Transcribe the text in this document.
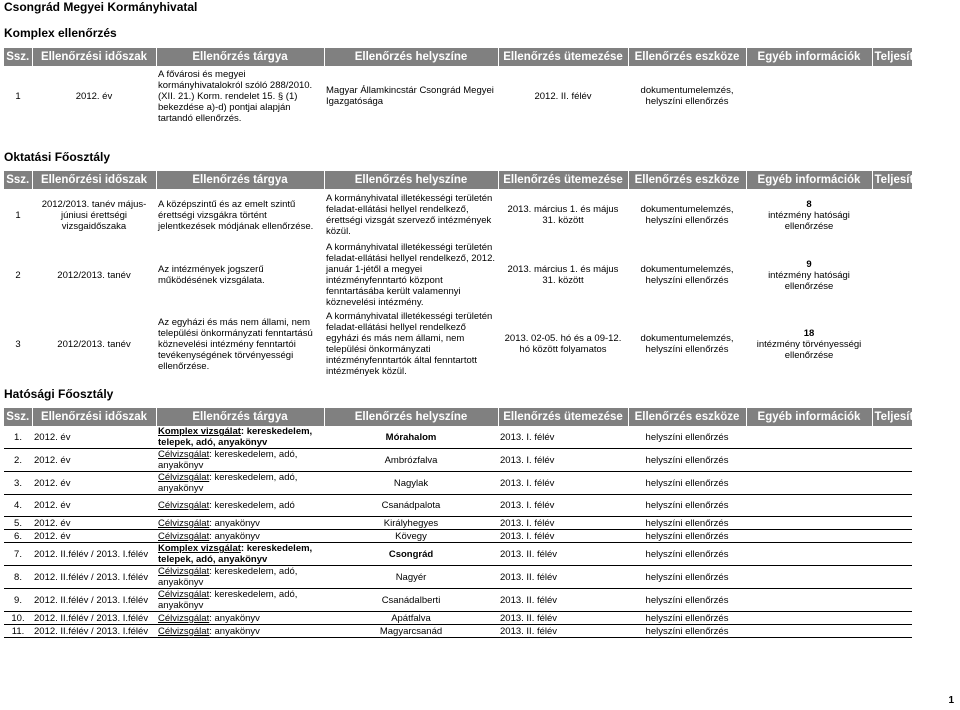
Csongrád Megyei Kormányhivatal
Komplex ellenőrzés
Ssz.	Ellenőrzési időszak	Ellenőrzés tárgya	Ellenőrzés helyszíne	Ellenőrzés ütemezése	Ellenőrzés eszköze	Egyéb információk	Teljesítés
1	2012. év	A fővárosi és megyei kormányhivatalokról szóló 288/2010. (XII. 21.) Korm. rendelet 15. § (1) bekezdése a)-d) pontjai alapján tartandó ellenőrzés.	Magyar Államkincstár Csongrád Megyei Igazgatósága	2012. II. félév	dokumentumelemzés, helyszíni ellenőrzés		
Oktatási Főosztály
Ssz.	Ellenőrzési időszak	Ellenőrzés tárgya	Ellenőrzés helyszíne	Ellenőrzés ütemezése	Ellenőrzés eszköze	Egyéb információk	Teljesítés
1	2012/2013. tanév május-júniusi érettségi vizsgaidőszaka	A középszintű és az emelt szintű érettségi vizsgákra történt jelentkezések módjának ellenőrzése.	A kormányhivatal illetékességi területén feladat-ellátási hellyel rendelkező, érettségi vizsgát szervező intézmények közül.	2013. március 1. és május 31. között	dokumentumelemzés, helyszíni ellenőrzés	8
intézmény hatósági ellenőrzése	

2	2012/2013. tanév	Az intézmények jogszerű működésének vizsgálata.	A kormányhivatal illetékességi területén feladat-ellátási hellyel rendelkező, 2012. január 1-jétől a megyei intézményfenntartó központ fenntartásába került valamennyi köznevelési intézmény.	2013. március 1. és május 31. között	dokumentumelemzés, helyszíni ellenőrzés	9
intézmény hatósági ellenőrzése	

3	2012/2013. tanév	Az egyházi és más nem állami, nem települési önkormányzati fenntartású köznevelési intézmény fenntartói tevékenységének törvényességi ellenőrzése.	A kormányhivatal illetékességi területén feladat-ellátási hellyel rendelkező egyházi és más nem állami, nem települési önkormányzati intézményfenntartók által fenntartott intézmények közül.	2013. 02-05. hó és a 09-12. hó között folyamatos	dokumentumelemzés, helyszíni ellenőrzés	18
intézmény törvényességi ellenőrzése	

Hatósági Főosztály
Ssz.	Ellenőrzési időszak	Ellenőrzés tárgya	Ellenőrzés helyszíne	Ellenőrzés ütemezése	Ellenőrzés eszköze	Egyéb információk	Teljesítés
1.	2012. év	Komplex vizsgálat: kereskedelem, telepek, adó, anyakönyv	Mórahalom	2013. I. félév	helyszíni ellenőrzés		
2.	2012. év	Célvizsgálat: kereskedelem, adó, anyakönyv	Ambrózfalva	2013. I. félév	helyszíni ellenőrzés		
3.	2012. év	Célvizsgálat: kereskedelem, adó, anyakönyv	Nagylak	2013. I. félév	helyszíni ellenőrzés		
4.	2012. év	Célvizsgálat: kereskedelem, adó	Csanádpalota	2013. I. félév	helyszíni ellenőrzés		
5.	2012. év	Célvizsgálat: anyakönyv	Királyhegyes	2013. I. félév	helyszíni ellenőrzés		
6.	2012. év	Célvizsgálat: anyakönyv	Kövegy	2013. I. félév	helyszíni ellenőrzés		
7.	2012. II.félév / 2013. I.félév	Komplex vizsgálat: kereskedelem, telepek, adó, anyakönyv	Csongrád	2013. II. félév	helyszíni ellenőrzés		
8.	2012. II.félév / 2013. I.félév	Célvizsgálat: kereskedelem, adó, anyakönyv	Nagyér	2013. II. félév	helyszíni ellenőrzés		
9.	2012. II.félév / 2013. I.félév	Célvizsgálat: kereskedelem, adó, anyakönyv	Csanádalberti	2013. II. félév	helyszíni ellenőrzés		
10.	2012. II.félév / 2013. I.félév	Célvizsgálat: anyakönyv	Apátfalva	2013. II. félév	helyszíni ellenőrzés		
11.	2012. II.félév / 2013. I.félév	Célvizsgálat: anyakönyv	Magyarcsanád	2013. II. félév	helyszíni ellenőrzés		
1
